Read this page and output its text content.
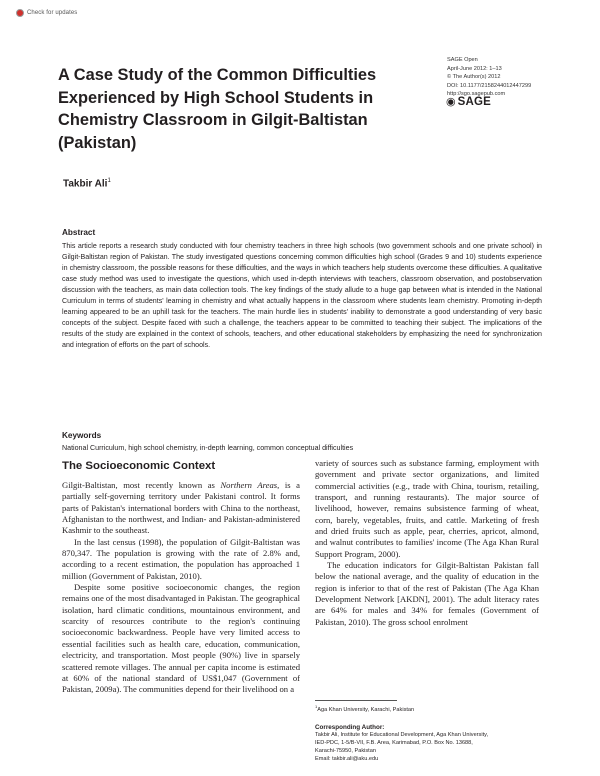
Check for updates
A Case Study of the Common Difficulties Experienced by High School Students in Chemistry Classroom in Gilgit-Baltistan (Pakistan)
SAGE Open
April-June 2012: 1–13
© The Author(s) 2012
DOI: 10.1177/2158244012447299
http://sgo.sagepub.com
◉ SAGE
Takbir Ali$^1$
Abstract
This article reports a research study conducted with four chemistry teachers in three high schools (two government schools and one private school) in Gilgit-Baltistan region of Pakistan. The study investigated questions concerning common difficulties high school (Grades 9 and 10) students experience in chemistry classroom, the possible reasons for these difficulties, and the ways in which teachers help students overcome these difficulties. A qualitative case study method was used to investigate the questions, which used in-depth interviews with teachers, classroom observation, and postobservation discussion with the teachers, as main data collection tools. The key findings of the study allude to a huge gap between what is intended in the National Curriculum in terms of students' learning in chemistry and what actually happens in the classroom where students learn chemistry. Promoting in-depth learning appeared to be an uphill task for the teachers. The main hurdle lies in students' inability to demonstrate a good understanding of very basic concepts of the subject. Despite faced with such a challenge, the teachers appear to be committed to teaching their subject. The implications of the results of the study are explained in the context of schools, teachers, and other educational stakeholders by emphasizing the need for synchronization and integration of efforts on the part of schools.
Keywords
National Curriculum, high school chemistry, in-depth learning, common conceptual difficulties
The Socioeconomic Context

Gilgit-Baltistan, most recently known as Northern Areas, is a partially self-governing territory under Pakistani control. It forms parts of Pakistan's international borders with China to the northeast, Afghanistan to the northwest, and Indian- and Pakistan-administered Kashmir to the southeast.

In the last census (1998), the population of Gilgit-Baltistan was 870,347. The population is growing with the rate of 2.8% and, according to a recent estimation, the population has approached 1 million (Government of Pakistan, 2010).

Despite some positive socioeconomic changes, the region remains one of the most disadvantaged in Pakistan. The geographical isolation, hard climatic conditions, mountainous environment, and scarcity of resources contribute to the region's continuing socioeconomic backwardness. People have very limited access to essential facilities such as health care, education, communication, electricity, and transportation. Most people (90%) live in sparsely scattered remote villages. The annual per capita income is estimated at 60% of the national standard of US$1,047 (Government of Pakistan, 2009a). The communities depend for their livelihood on a

variety of sources such as substance farming, employment with government and private sector organizations, and limited commercial activities (e.g., trade with China, tourism, retailing, transport, and running restaurants). The major source of livelihood, however, remains subsistence farming of wheat, corn, barely, vegetables, fruits, and cattle. Marketing of fresh and dried fruits such as apple, pear, cherries, apricot, almond, and walnut contributes to families' income (The Aga Khan Rural Support Program, 2000).

The education indicators for Gilgit-Baltistan Pakistan fall below the national average, and the quality of education in the region is inferior to that of the rest of Pakistan (The Aga Khan Development Network [AKDN], 2001). The adult literacy rates are 64% for males and 34% for females (Government of Pakistan, 2010). The gross school enrolment

$^1$Aga Khan University, Karachi, Pakistan
Corresponding Author:
Takbir Ali, Institute for Educational Development, Aga Khan University,
IED-PDC, 1-5/B-VII, F.B. Area, Karimabad, P.O. Box No. 13688,
Karachi-75950, Pakistan
Email: takbir.ali@aku.edu
